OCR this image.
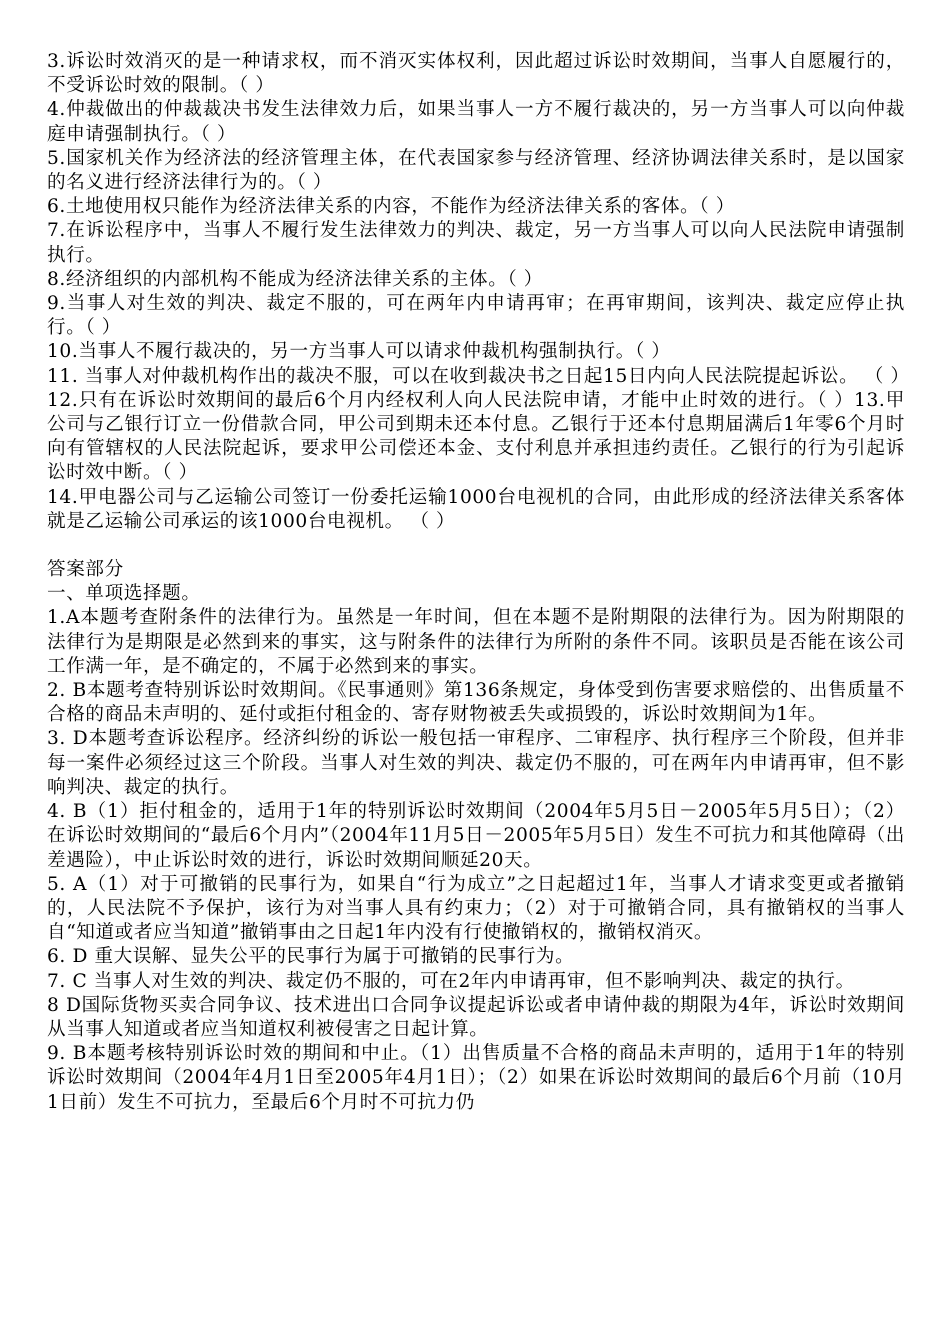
3.诉讼时效消灭的是一种请求权，而不消灭实体权利，因此超过诉讼时效期间，当事人自愿履行的，不受诉讼时效的限制。（ ）

4.仲裁做出的仲裁裁决书发生法律效力后，如果当事人一方不履行裁决的，另一方当事人可以向仲裁庭申请强制执行。（ ）

5.国家机关作为经济法的经济管理主体，在代表国家参与经济管理、经济协调法律关系时，是以国家的名义进行经济法律行为的。（ ）

6.土地使用权只能作为经济法律关系的内容，不能作为经济法律关系的客体。（ ）

7.在诉讼程序中，当事人不履行发生法律效力的判决、裁定，另一方当事人可以向人民法院申请强制执行。

8.经济组织的内部机构不能成为经济法律关系的主体。（ ）

9.当事人对生效的判决、裁定不服的，可在两年内申请再审；在再审期间，该判决、裁定应停止执行。（ ）

10.当事人不履行裁决的，另一方当事人可以请求仲裁机构强制执行。（ ）

11. 当事人对仲裁机构作出的裁决不服，可以在收到裁决书之日起15日内向人民法院提起诉讼。 （ ）

12.只有在诉讼时效期间的最后6个月内经权利人向人民法院申请，才能中止时效的进行。（ ）13.甲公司与乙银行订立一份借款合同，甲公司到期未还本付息。乙银行于还本付息期届满后1年零6个月时向有管辖权的人民法院起诉，要求甲公司偿还本金、支付利息并承担违约责任。乙银行的行为引起诉讼时效中断。（ ）

14.甲电器公司与乙运输公司签订一份委托运输1000台电视机的合同，由此形成的经济法律关系客体就是乙运输公司承运的该1000台电视机。 （ ）

答案部分

一、单项选择题。

1.A本题考查附条件的法律行为。虽然是一年时间，但在本题不是附期限的法律行为。因为附期限的法律行为是期限是必然到来的事实，这与附条件的法律行为所附的条件不同。该职员是否能在该公司工作满一年，是不确定的，不属于必然到来的事实。

2. B本题考查特别诉讼时效期间。《民事通则》第136条规定，身体受到伤害要求赔偿的、出售质量不合格的商品未声明的、延付或拒付租金的、寄存财物被丢失或损毁的，诉讼时效期间为1年。

3. D本题考查诉讼程序。经济纠纷的诉讼一般包括一审程序、二审程序、执行程序三个阶段，但并非每一案件必须经过这三个阶段。当事人对生效的判决、裁定仍不服的，可在两年内申请再审，但不影响判决、裁定的执行。

4. B（1）拒付租金的，适用于1年的特别诉讼时效期间（2004年5月5日－2005年5月5日）；（2）在诉讼时效期间的“最后6个月内”（2004年11月5日－2005年5月5日）发生不可抗力和其他障碍（出差遇险），中止诉讼时效的进行，诉讼时效期间顺延20天。

5. A（1）对于可撤销的民事行为，如果自“行为成立”之日起超过1年，当事人才请求变更或者撤销的，人民法院不予保护，该行为对当事人具有约束力；（2）对于可撤销合同，具有撤销权的当事人自“知道或者应当知道”撤销事由之日起1年内没有行使撤销权的，撤销权消灭。

6. D 重大误解、显失公平的民事行为属于可撤销的民事行为。

7. C 当事人对生效的判决、裁定仍不服的，可在2年内申请再审，但不影响判决、裁定的执行。

8 D国际货物买卖合同争议、技术进出口合同争议提起诉讼或者申请仲裁的期限为4年，诉讼时效期间从当事人知道或者应当知道权利被侵害之日起计算。

9. B本题考核特别诉讼时效的期间和中止。（1）出售质量不合格的商品未声明的，适用于1年的特别诉讼时效期间（2004年4月1日至2005年4月1日）；（2）如果在诉讼时效期间的最后6个月前（10月1日前）发生不可抗力，至最后6个月时不可抗力仍
